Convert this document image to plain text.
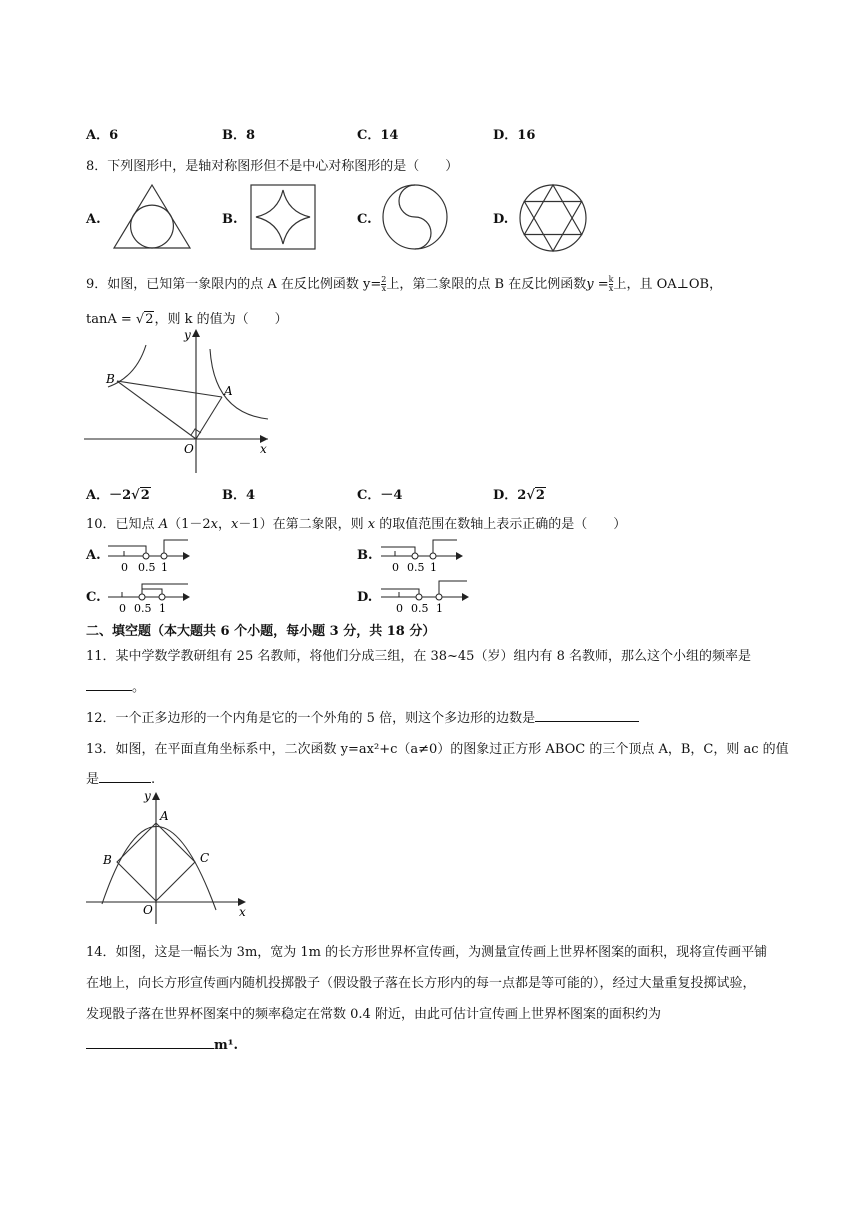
A．6	B．8	C．14	D．16
8．下列图形中，是轴对称图形但不是中心对称图形的是（　　）
A.	B.	C.	D.
9．如图，已知第一象限内的点 A 在反比例函数 $y= \frac{2}{x}$ 上，第二象限的点 B 在反比例函数$y = \frac{k}{x}$ 上，且 OA⊥OB，
tanA = √2，则 k 的值为（　　）
y
x
O
A
B
A．－2√2	B．4	C．－4	D．2√2
10．已知点 A（1－2x，x－1）在第二象限，则 x 的取值范围在数轴上表示正确的是（　　）
A.
0 0.5 1
B.
0 0.5 1
C.
0 0.5 1
D.
0 0.5 1
二、填空题（本大题共 6 个小题，每小题 3 分，共 18 分）
11．某中学数学教研组有 25 名教师，将他们分成三组，在 38~45（岁）组内有 8 名教师，那么这个小组的频率是
。
12．一个正多边形的一个内角是它的一个外角的 5 倍，则这个多边形的边数是
13．如图，在平面直角坐标系中，二次函数 y=ax²+c（a≠0）的图象过正方形 ABOC 的三个顶点 A，B，C，则 ac 的值
是	.
y
x
O
A
B	C
14．如图，这是一幅长为 3m，宽为 1m 的长方形世界杯宣传画，为测量宣传画上世界杯图案的面积，现将宣传画平铺
在地上，向长方形宣传画内随机投掷骰子（假设骰子落在长方形内的每一点都是等可能的），经过大量重复投掷试验，
发现骰子落在世界杯图案中的频率稳定在常数 0.4 附近，由此可估计宣传画上世界杯图案的面积约为
m¹.
